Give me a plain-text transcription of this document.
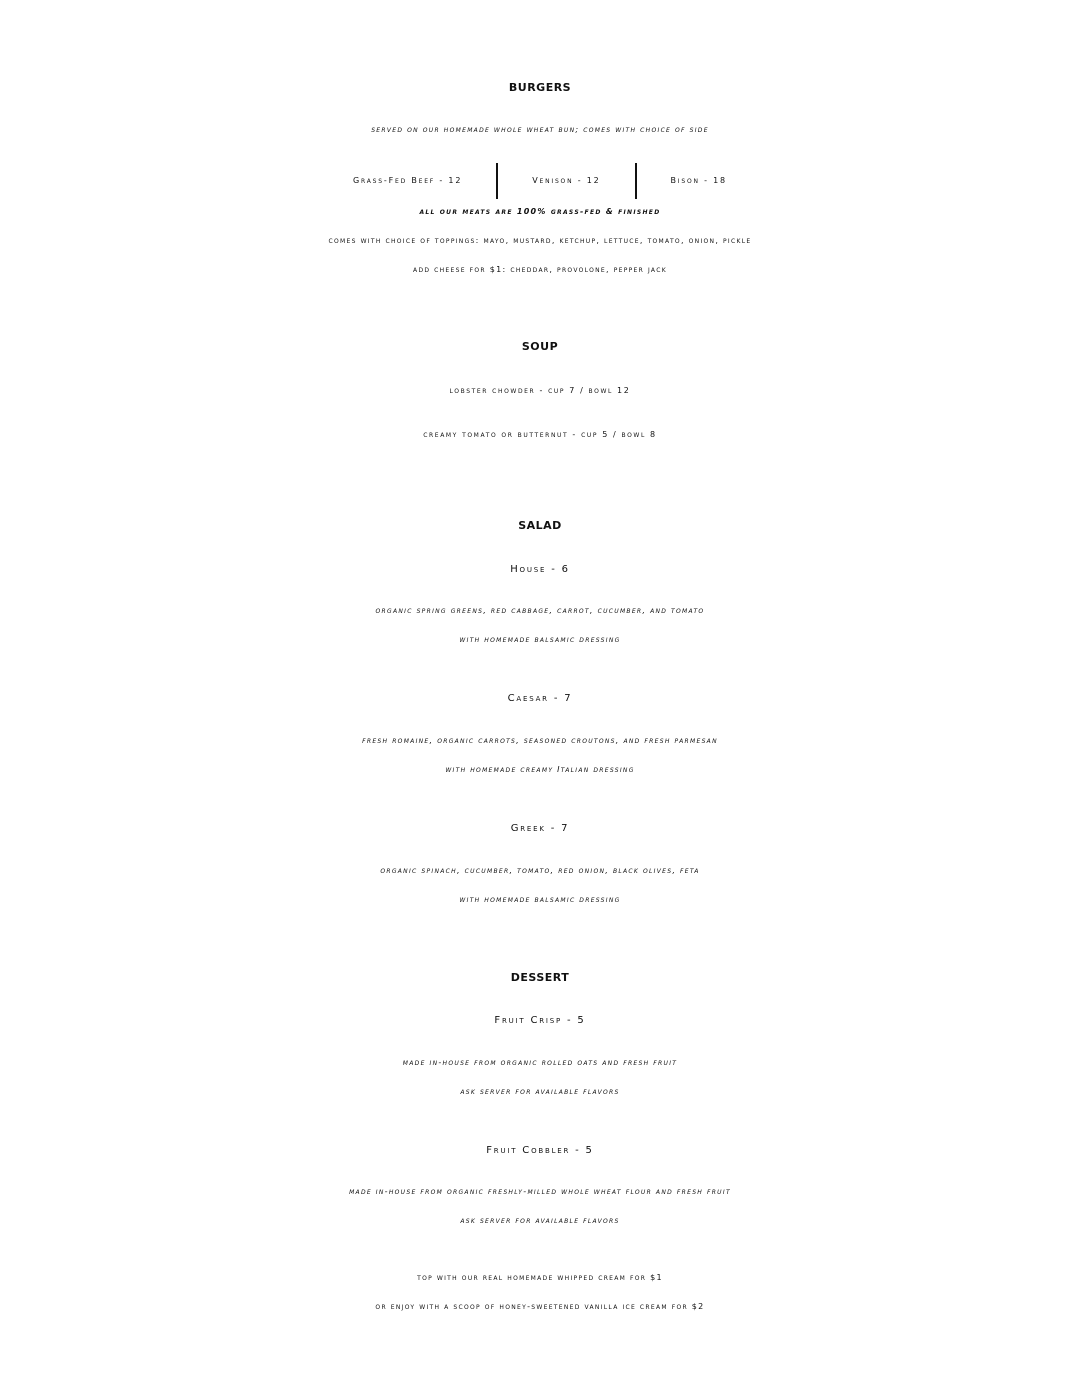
BURGERS
served on our homemade whole wheat bun; comes with choice of side
Grass-Fed Beef - 12	Venison - 12	Bison - 18
all our meats are 100% grass-fed & finished
comes with choice of toppings: mayo, mustard, ketchup, lettuce, tomato, onion, pickle
add cheese for $1: cheddar, provolone, pepper jack
SOUP
lobster chowder - cup 7 / bowl 12
creamy tomato or butternut - cup 5 / bowl 8
SALAD
House - 6
organic spring greens, red cabbage, carrot, cucumber, and tomato
with homemade balsamic dressing
Caesar - 7
fresh romaine, organic carrots, seasoned croutons, and fresh parmesan
with homemade creamy Italian dressing
Greek - 7
organic spinach, cucumber, tomato, red onion, black olives, feta
with homemade balsamic dressing
DESSERT
Fruit Crisp - 5
made in-house from organic rolled oats and fresh fruit
ask server for available flavors
Fruit Cobbler - 5
made in-house from organic freshly-milled whole wheat flour and fresh fruit
ask server for available flavors
top with our real homemade whipped cream for $1
or enjoy with a scoop of honey-sweetened vanilla ice cream for $2
